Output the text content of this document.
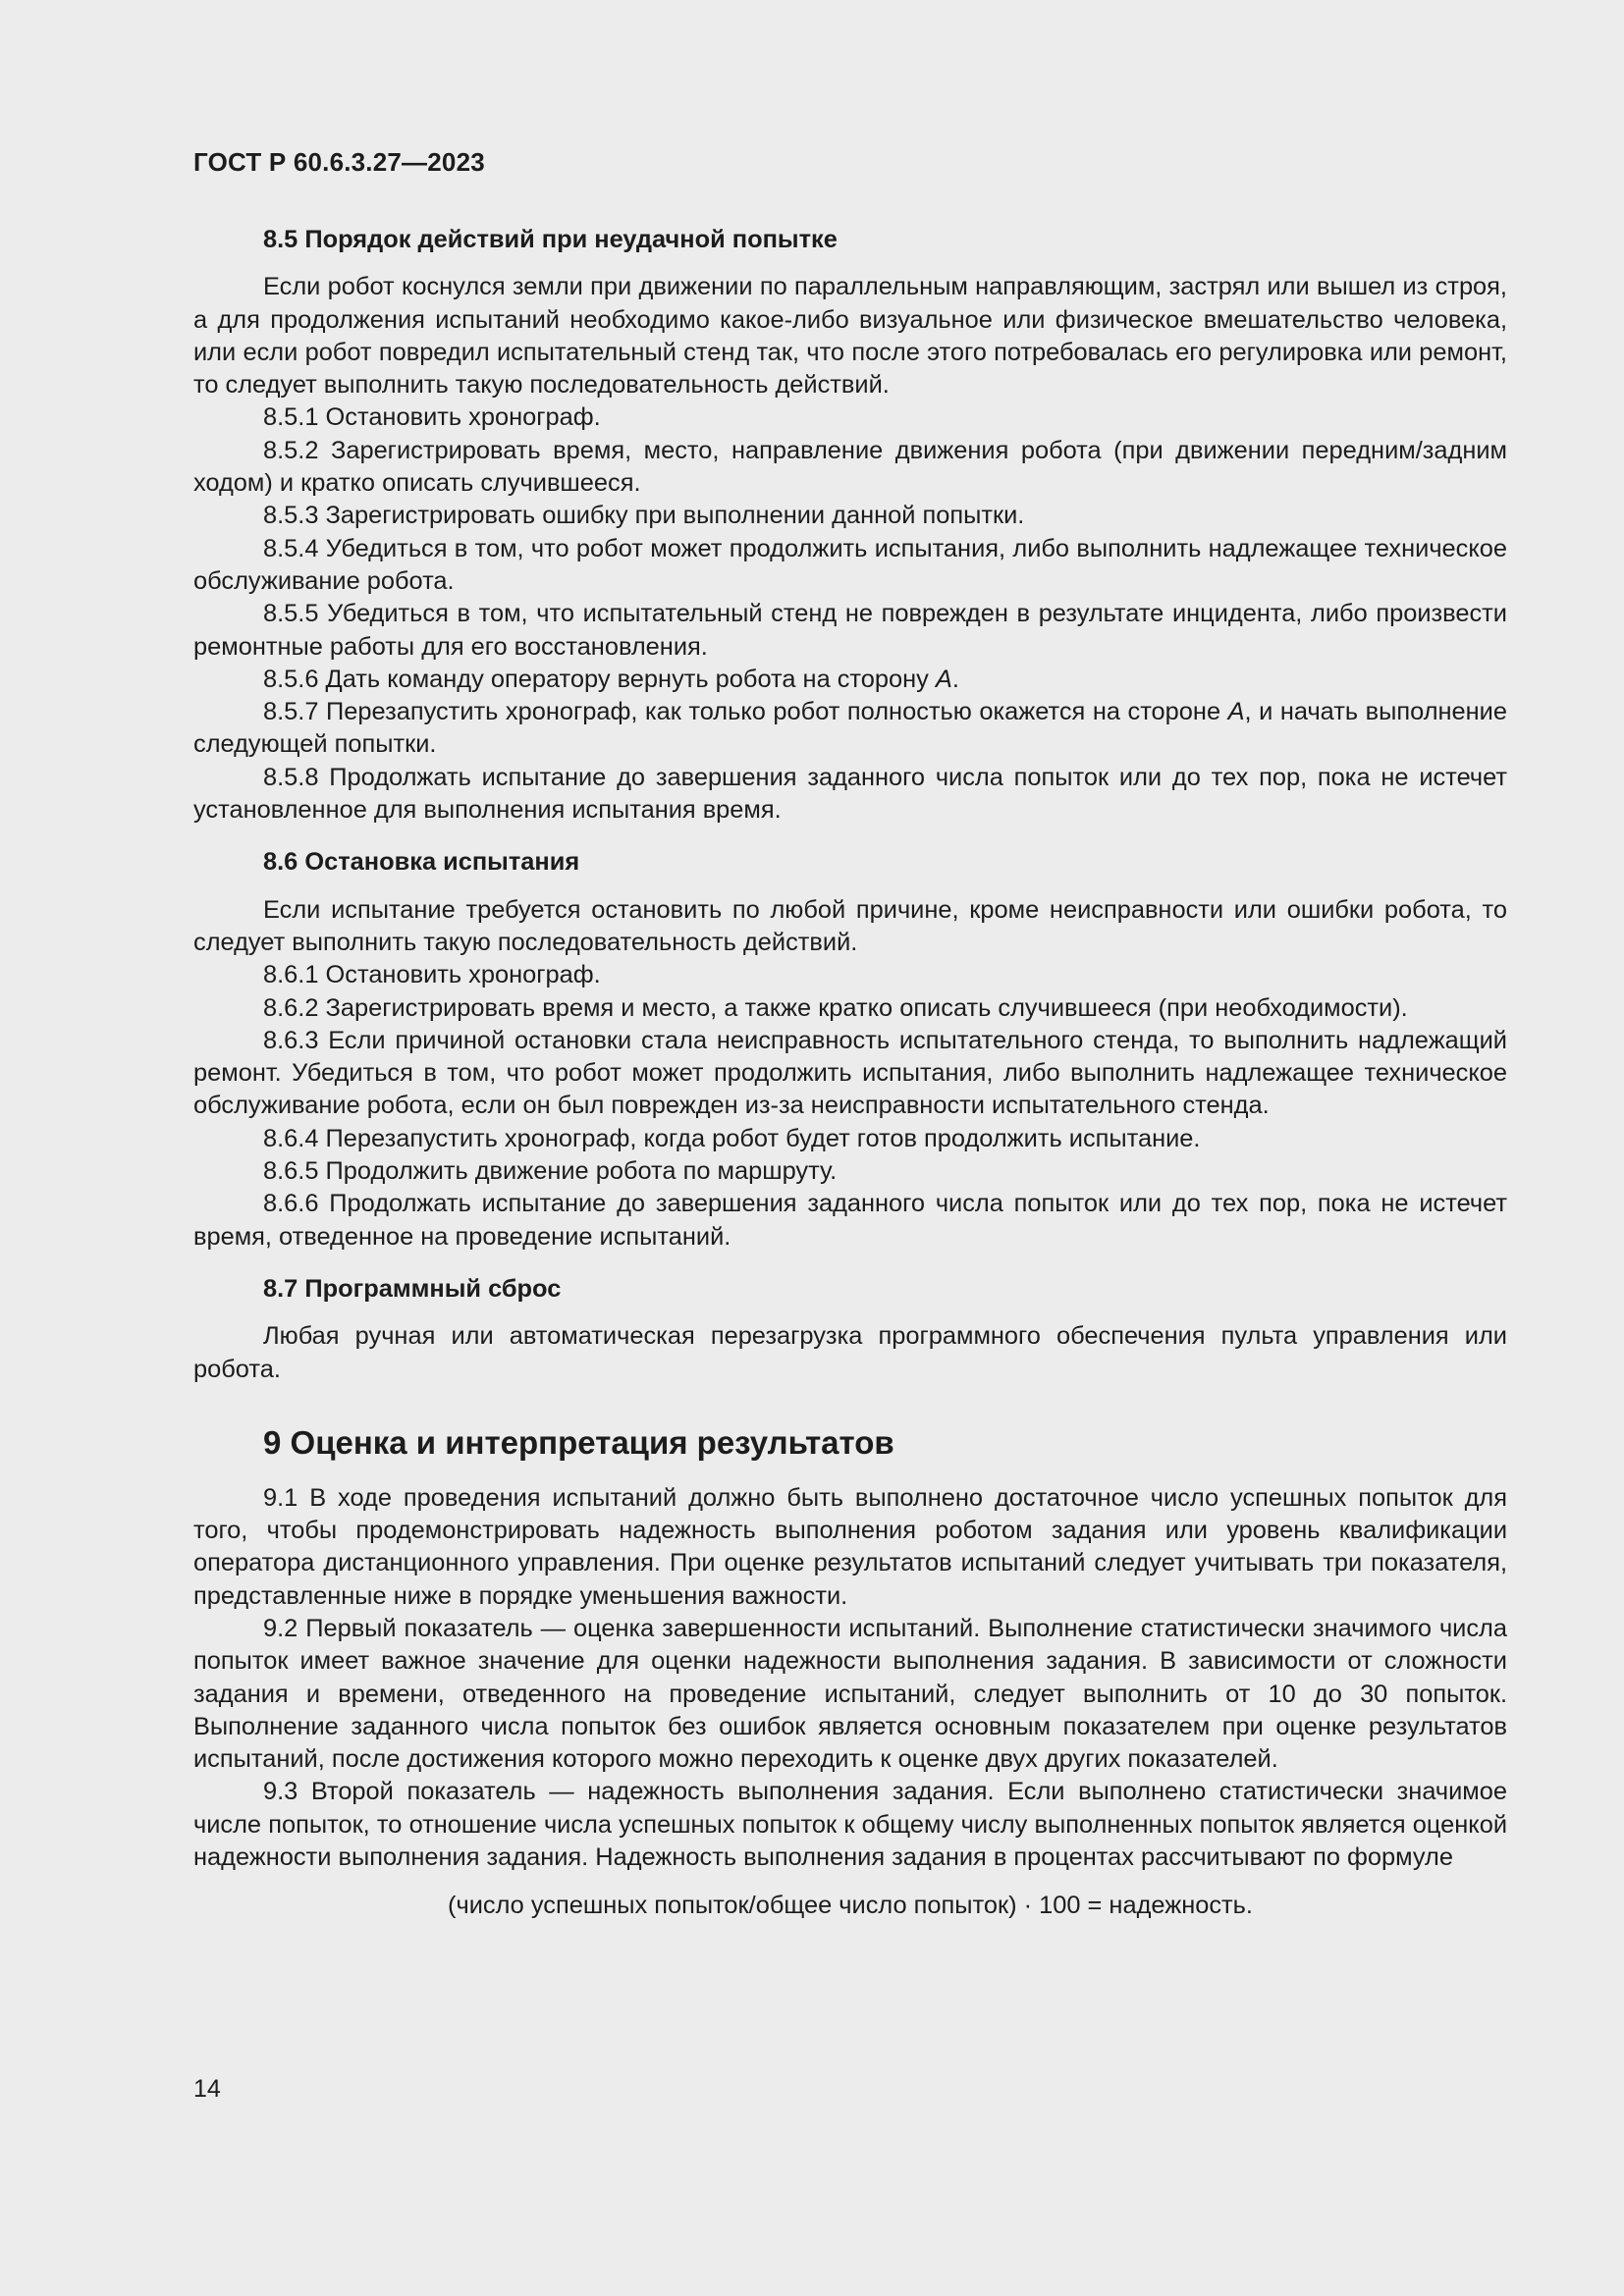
ГОСТ Р 60.6.3.27—2023
8.5 Порядок действий при неудачной попытке

Если робот коснулся земли при движении по параллельным направляющим, застрял или вышел из строя, а для продолжения испытаний необходимо какое-либо визуальное или физическое вмешательство человека, или если робот повредил испытательный стенд так, что после этого потребовалась его регулировка или ремонт, то следует выполнить такую последовательность действий.

8.5.1 Остановить хронограф.

8.5.2 Зарегистрировать время, место, направление движения робота (при движении передним/задним ходом) и кратко описать случившееся.

8.5.3 Зарегистрировать ошибку при выполнении данной попытки.

8.5.4 Убедиться в том, что робот может продолжить испытания, либо выполнить надлежащее техническое обслуживание робота.

8.5.5 Убедиться в том, что испытательный стенд не поврежден в результате инцидента, либо произвести ремонтные работы для его восстановления.

8.5.6 Дать команду оператору вернуть робота на сторону А.

8.5.7 Перезапустить хронограф, как только робот полностью окажется на стороне А, и начать выполнение следующей попытки.

8.5.8 Продолжать испытание до завершения заданного числа попыток или до тех пор, пока не истечет установленное для выполнения испытания время.

8.6 Остановка испытания

Если испытание требуется остановить по любой причине, кроме неисправности или ошибки робота, то следует выполнить такую последовательность действий.

8.6.1 Остановить хронограф.

8.6.2 Зарегистрировать время и место, а также кратко описать случившееся (при необходимости).

8.6.3 Если причиной остановки стала неисправность испытательного стенда, то выполнить надлежащий ремонт. Убедиться в том, что робот может продолжить испытания, либо выполнить надлежащее техническое обслуживание робота, если он был поврежден из-за неисправности испытательного стенда.

8.6.4 Перезапустить хронограф, когда робот будет готов продолжить испытание.

8.6.5 Продолжить движение робота по маршруту.

8.6.6 Продолжать испытание до завершения заданного числа попыток или до тех пор, пока не истечет время, отведенное на проведение испытаний.

8.7 Программный сброс

Любая ручная или автоматическая перезагрузка программного обеспечения пульта управления или робота.

9 Оценка и интерпретация результатов

9.1 В ходе проведения испытаний должно быть выполнено достаточное число успешных попыток для того, чтобы продемонстрировать надежность выполнения роботом задания или уровень квалификации оператора дистанционного управления. При оценке результатов испытаний следует учитывать три показателя, представленные ниже в порядке уменьшения важности.

9.2 Первый показатель — оценка завершенности испытаний. Выполнение статистически значимого числа попыток имеет важное значение для оценки надежности выполнения задания. В зависимости от сложности задания и времени, отведенного на проведение испытаний, следует выполнить от 10 до 30 попыток. Выполнение заданного числа попыток без ошибок является основным показателем при оценке результатов испытаний, после достижения которого можно переходить к оценке двух других показателей.

9.3 Второй показатель — надежность выполнения задания. Если выполнено статистически значимое числе попыток, то отношение числа успешных попыток к общему числу выполненных попыток является оценкой надежности выполнения задания. Надежность выполнения задания в процентах рассчитывают по формуле

(число успешных попыток/общее число попыток) · 100 = надежность.

14
